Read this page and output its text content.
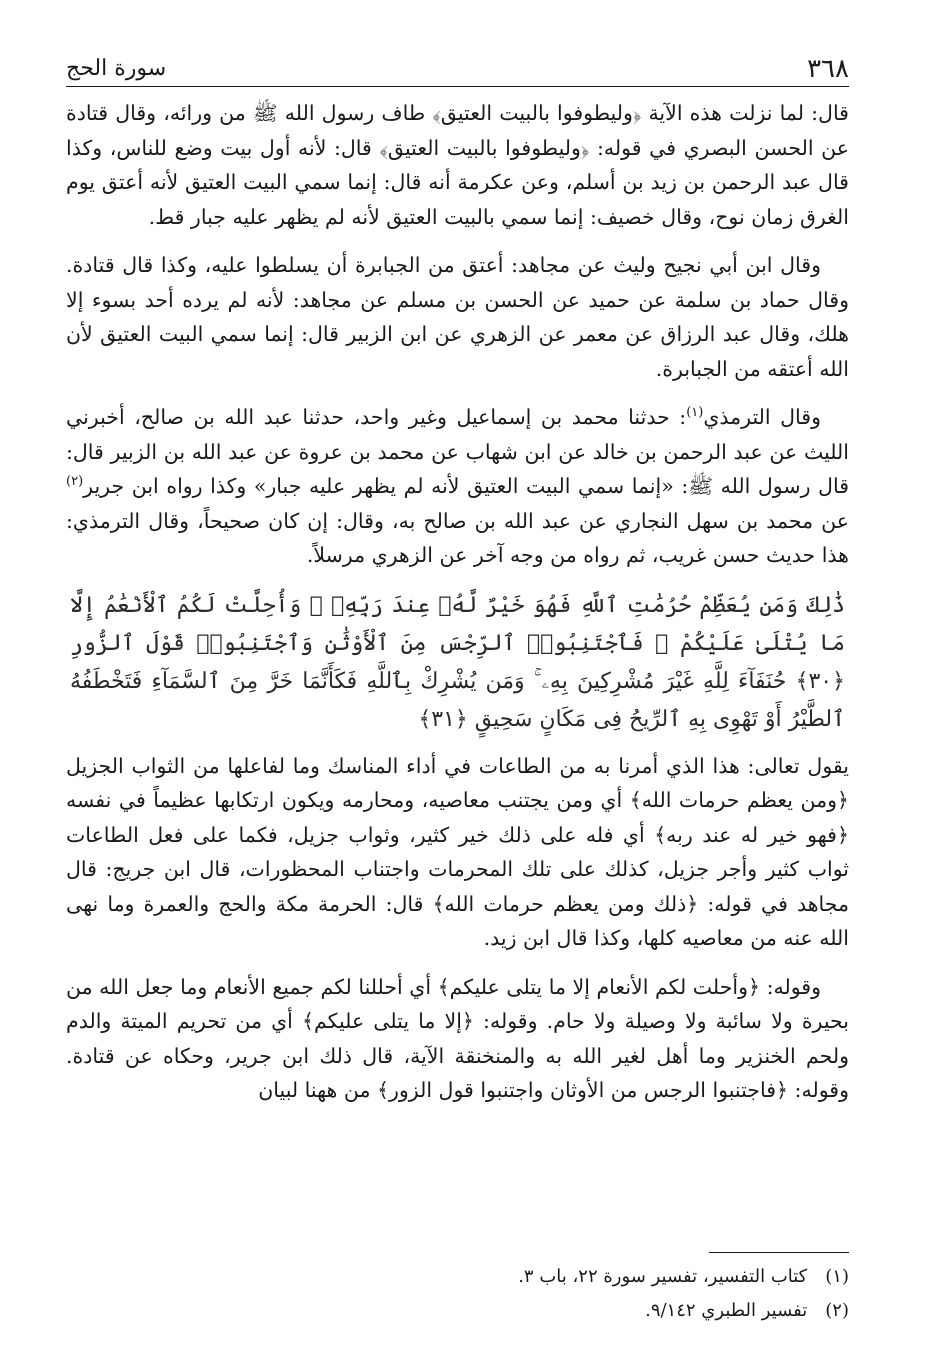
٣٦٨
سورة الحج

قال: لما نزلت هذه الآية ﴿وليطوفوا بالبيت العتيق﴾ طاف رسول الله ﷺ من ورائه، وقال قتادة عن الحسن البصري في قوله: ﴿وليطوفوا بالبيت العتيق﴾ قال: لأنه أول بيت وضع للناس، وكذا قال عبد الرحمن بن زيد بن أسلم، وعن عكرمة أنه قال: إنما سمي البيت العتيق لأنه أعتق يوم الغرق زمان نوح، وقال خصيف: إنما سمي بالبيت العتيق لأنه لم يظهر عليه جبار قط.

وقال ابن أبي نجيح وليث عن مجاهد: أعتق من الجبابرة أن يسلطوا عليه، وكذا قال قتادة. وقال حماد بن سلمة عن حميد عن الحسن بن مسلم عن مجاهد: لأنه لم يرده أحد بسوء إلا هلك، وقال عبد الرزاق عن معمر عن الزهري عن ابن الزبير قال: إنما سمي البيت العتيق لأن الله أعتقه من الجبابرة.

وقال الترمذي$^{(١)}$: حدثنا محمد بن إسماعيل وغير واحد، حدثنا عبد الله بن صالح، أخبرني الليث عن عبد الرحمن بن خالد عن ابن شهاب عن محمد بن عروة عن عبد الله بن الزبير قال: قال رسول الله ﷺ: «إنما سمي البيت العتيق لأنه لم يظهر عليه جبار» وكذا رواه ابن جرير$^{(٢)}$ عن محمد بن سهل النجاري عن عبد الله بن صالح به، وقال: إن كان صحيحاً، وقال الترمذي: هذا حديث حسن غريب، ثم رواه من وجه آخر عن الزهري مرسلاً.

ذَٰلِكَ وَمَن يُعَظِّمْ حُرُمَٰتِ ٱللَّهِ فَهُوَ خَيْرٌ لَّهُۥ عِندَ رَبِّهِۦ ۗ وَأُحِلَّتْ لَكُمُ ٱلْأَنْعَٰمُ إِلَّا مَا يُتْلَىٰ عَلَيْكُمْ ۖ فَٱجْتَنِبُوا۟ ٱلرِّجْسَ مِنَ ٱلْأَوْثَٰنِ وَٱجْتَنِبُوا۟ قَوْلَ ٱلزُّورِ ﴿٣٠﴾ حُنَفَآءَ لِلَّهِ غَيْرَ مُشْرِكِينَ بِهِۦ ۚ وَمَن يُشْرِكْ بِٱللَّهِ فَكَأَنَّمَا خَرَّ مِنَ ٱلسَّمَآءِ فَتَخْطَفُهُ ٱلطَّيْرُ أَوْ تَهْوِى بِهِ ٱلرِّيحُ فِى مَكَانٍ سَحِيقٍ ﴿٣١﴾

يقول تعالى: هذا الذي أمرنا به من الطاعات في أداء المناسك وما لفاعلها من الثواب الجزيل ﴿ومن يعظم حرمات الله﴾ أي ومن يجتنب معاصيه، ومحارمه ويكون ارتكابها عظيماً في نفسه ﴿فهو خير له عند ربه﴾ أي فله على ذلك خير كثير، وثواب جزيل، فكما على فعل الطاعات ثواب كثير وأجر جزيل، كذلك على تلك المحرمات واجتناب المحظورات، قال ابن جريج: قال مجاهد في قوله: ﴿ذلك ومن يعظم حرمات الله﴾ قال: الحرمة مكة والحج والعمرة وما نهى الله عنه من معاصيه كلها، وكذا قال ابن زيد.

وقوله: ﴿وأحلت لكم الأنعام إلا ما يتلى عليكم﴾ أي أحللنا لكم جميع الأنعام وما جعل الله من بحيرة ولا سائبة ولا وصيلة ولا حام. وقوله: ﴿إلا ما يتلى عليكم﴾ أي من تحريم الميتة والدم ولحم الخنزير وما أهل لغير الله به والمنخنقة الآية، قال ذلك ابن جرير، وحكاه عن قتادة. وقوله: ﴿فاجتنبوا الرجس من الأوثان واجتنبوا قول الزور﴾ من ههنا لبيان

(١) كتاب التفسير، تفسير سورة ٢٢، باب ٣.

(٢) تفسير الطبري ٩/١٤٢.
